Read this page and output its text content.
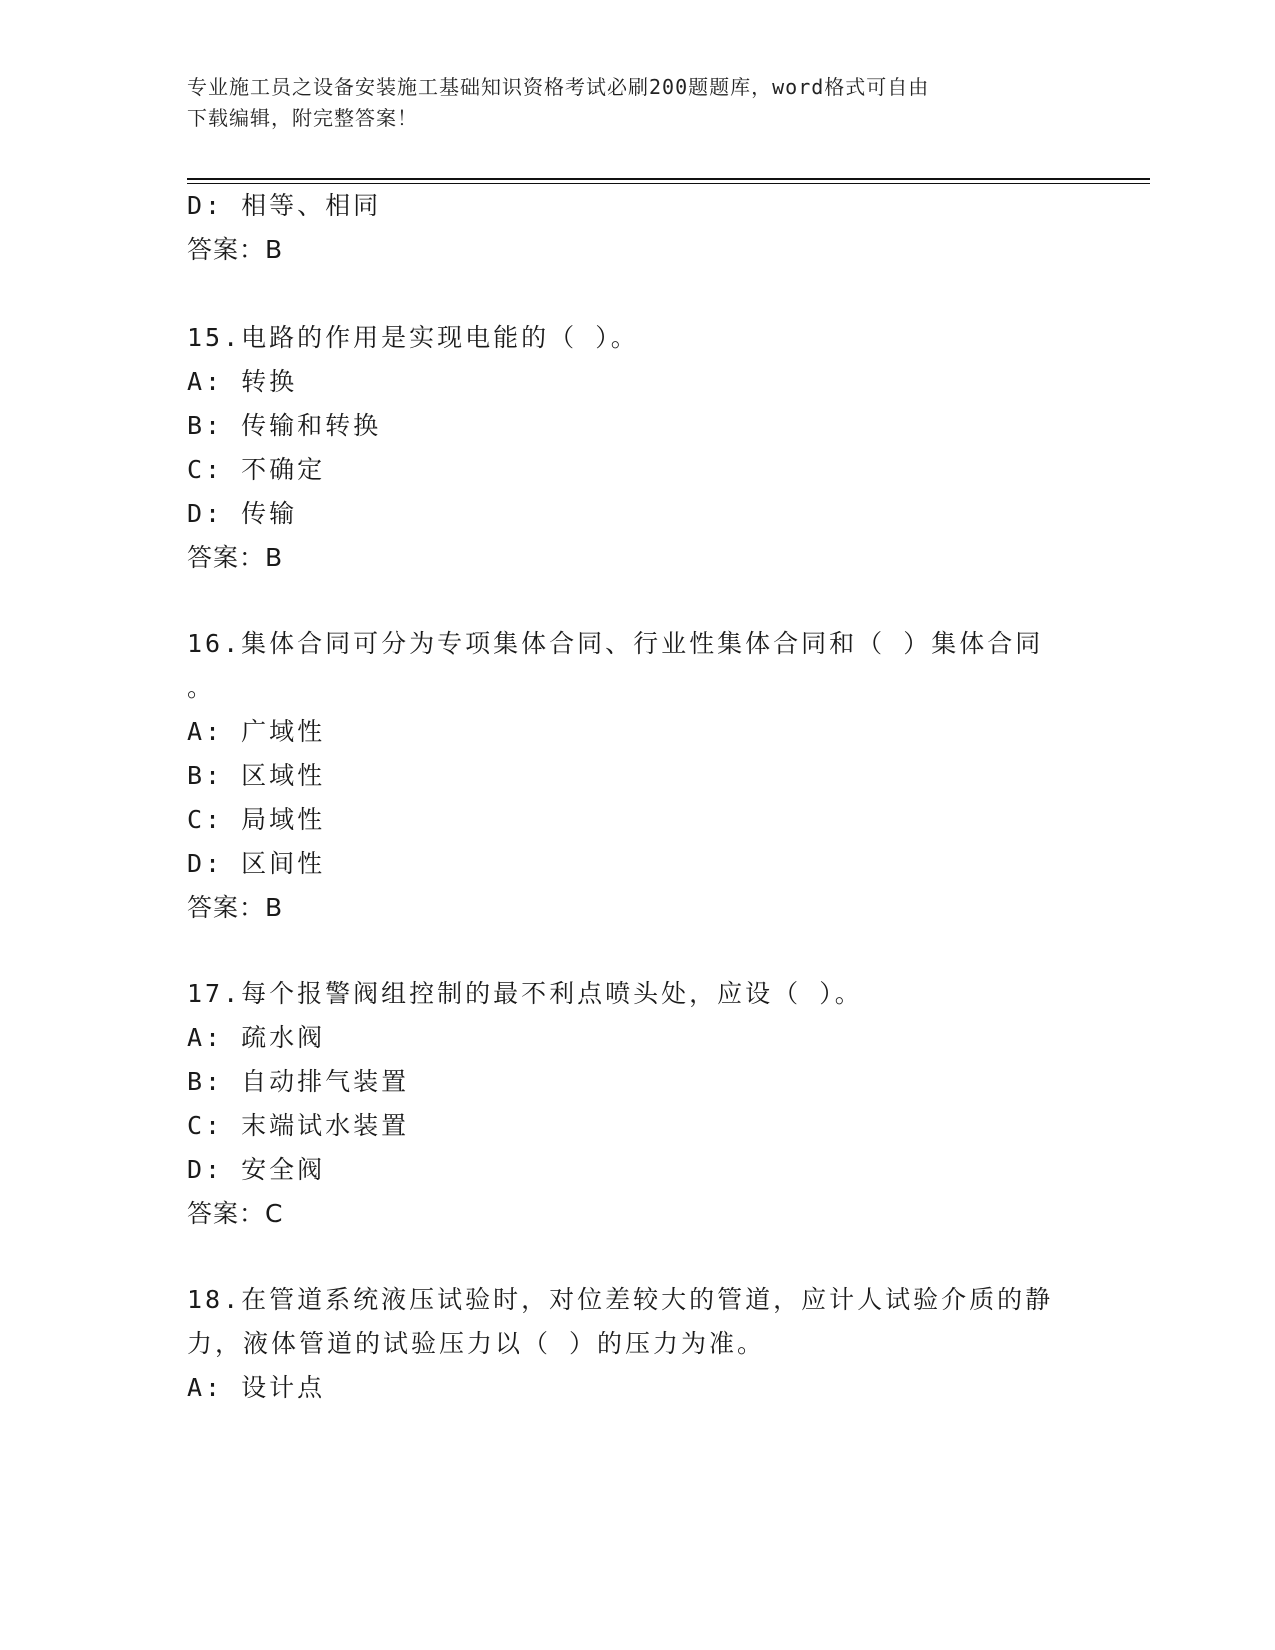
专业施工员之设备安装施工基础知识资格考试必刷200题题库，word格式可自由
下载编辑，附完整答案！
D: 相等、相同
答案：B
15.电路的作用是实现电能的（ ）。
A: 转换
B: 传输和转换
C: 不确定
D: 传输
答案：B
16.集体合同可分为专项集体合同、行业性集体合同和（ ）集体合同
。
A: 广域性
B: 区域性
C: 局域性
D: 区间性
答案：B
17.每个报警阀组控制的最不利点喷头处，应设（ ）。
A: 疏水阀
B: 自动排气装置
C: 末端试水装置
D: 安全阀
答案：C
18.在管道系统液压试验时，对位差较大的管道，应计人试验介质的静
力，液体管道的试验压力以（ ）的压力为准。
A: 设计点
